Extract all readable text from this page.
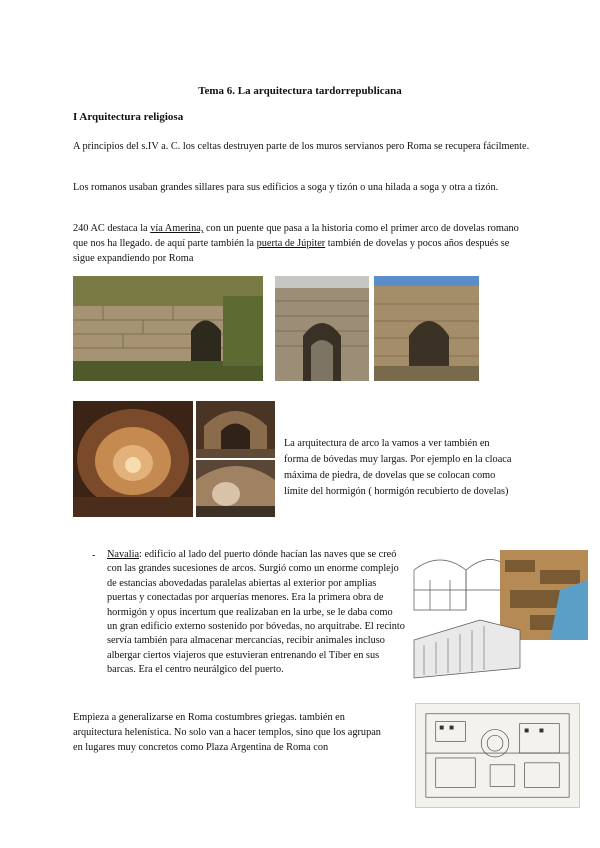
Tema 6. La arquitectura tardorrepublicana
I Arquitectura religiosa

A principios del s.IV a. C. los celtas destruyen parte de los muros servianos pero Roma se recupera fácilmente.

Los romanos usaban grandes sillares para sus edificios a soga y tizón o una hilada a soga y otra a tizón.

240 AC destaca la vía Amerina, con un puente que pasa a la historia como el primer arco de dovelas romano que nos ha llegado. de aquí parte también la puerta de Júpiter también de dovelas y pocos años después se sigue expandiendo por Roma

La arquitectura de arco la vamos a ver también en forma de bóvedas muy largas. Por ejemplo en la cloaca máxima de piedra, de dovelas que se colocan como límite del hormigón ( hormigón recubierto de dovelas)

- Navalia: edificio al lado del puerto dónde hacían las naves que se creó con las grandes sucesiones de arcos. Surgió como un enorme complejo de estancias abovedadas paralelas abiertas al exterior por amplias puertas y conectadas por arquerías menores. Era la primera obra de hormigón y opus incertum que realizaban en la urbe, se le daba como un gran edificio externo sostenido por bóvedas, no arquitrabe. El recinto servía también para almacenar mercancías, recibir animales incluso albergar ciertos viajeros que estuvieran entrenando el Tíber en sus barcas. Era el centro neurálgico del puerto.

Empieza a generalizarse en Roma costumbres griegas. también en arquitectura helenística. No solo van a hacer templos, sino que los agrupan en lugares muy concretos como Plaza Argentina de Roma con
